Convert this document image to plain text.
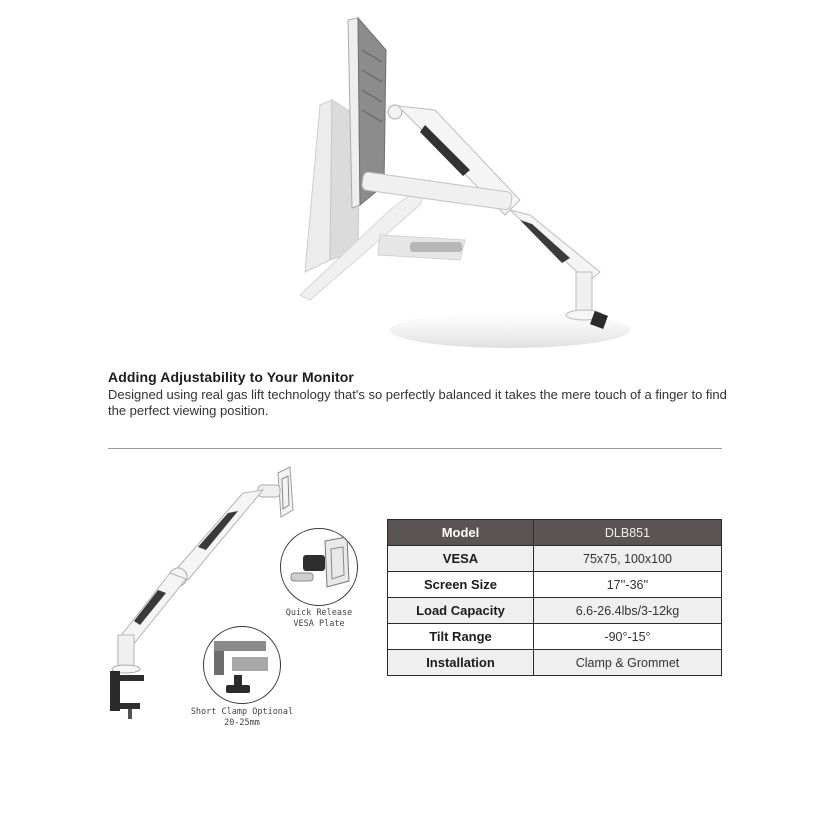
Adding Adjustability to Your Monitor
Designed using real gas lift technology that's so perfectly balanced it takes the mere touch of a finger to find the perfect viewing position.
Quick Release
VESA Plate
Short Clamp Optional
20-25mm
Model	DLB851
VESA	75x75, 100x100
Screen Size	17''-36''
Load Capacity	6.6-26.4lbs/3-12kg
Tilt Range	-90°-15°
Installation	Clamp & Grommet
